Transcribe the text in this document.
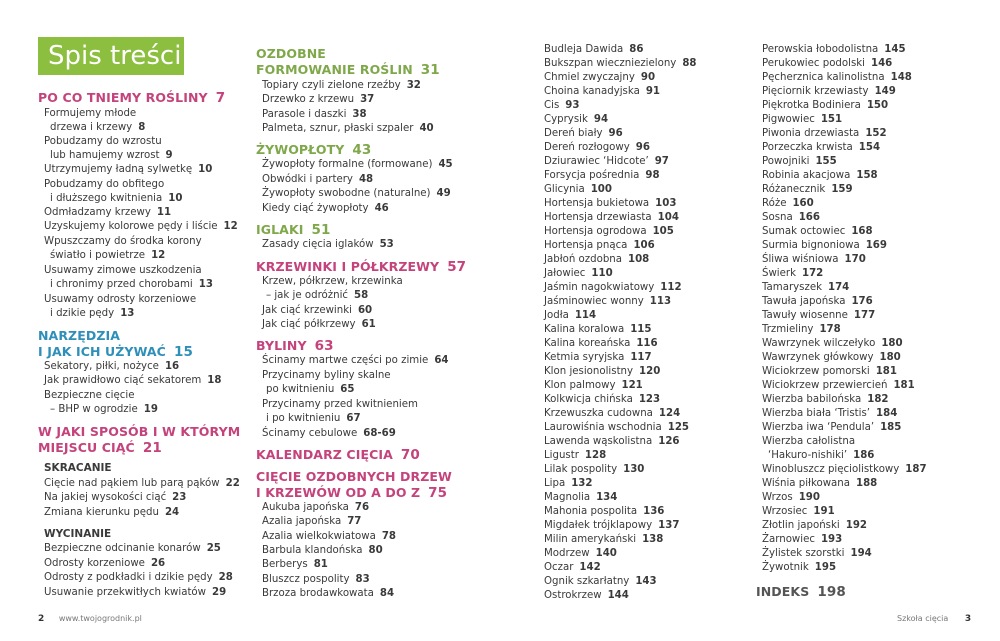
Spis treści
PO CO TNIEMY ROŚLINY 7
Formujemy młode
drzewa i krzewy 8
Pobudzamy do wzrostu
lub hamujemy wzrost 9
Utrzymujemy ładną sylwetkę 10
Pobudzamy do obfitego
i dłuższego kwitnienia 10
Odmładzamy krzewy 11
Uzyskujemy kolorowe pędy i liście 12
Wpuszczamy do środka korony
światło i powietrze 12
Usuwamy zimowe uszkodzenia
i chronimy przed chorobami 13
Usuwamy odrosty korzeniowe
i dzikie pędy 13
NARZĘDZIA
I JAK ICH UŻYWAĆ 15
Sekatory, piłki, nożyce 16
Jak prawidłowo ciąć sekatorem 18
Bezpieczne cięcie
– BHP w ogrodzie 19
W JAKI SPOSÓB I W KTÓRYM
MIEJSCU CIĄĆ 21
SKRACANIE
Cięcie nad pąkiem lub parą pąków 22
Na jakiej wysokości ciąć 23
Zmiana kierunku pędu 24
WYCINANIE
Bezpieczne odcinanie konarów 25
Odrosty korzeniowe 26
Odrosty z podkładki i dzikie pędy 28
Usuwanie przekwitłych kwiatów 29
OZDOBNE
FORMOWANIE ROŚLIN 31
Topiary czyli zielone rzeźby 32
Drzewko z krzewu 37
Parasole i daszki 38
Palmeta, sznur, płaski szpaler 40
ŻYWOPŁOTY 43
Żywopłoty formalne (formowane) 45
Obwódki i partery 48
Żywopłoty swobodne (naturalne) 49
Kiedy ciąć żywopłoty 46
IGLAKI 51
Zasady cięcia iglaków 53
KRZEWINKI I PÓŁKRZEWY 57
Krzew, półkrzew, krzewinka
– jak je odróżnić 58
Jak ciąć krzewinki 60
Jak ciąć półkrzewy 61
BYLINY 63
Ścinamy martwe części po zimie 64
Przycinamy byliny skalne
po kwitnieniu 65
Przycinamy przed kwitnieniem
i po kwitnieniu 67
Ścinamy cebulowe 68-69
KALENDARZ CIĘCIA 70
CIĘCIE OZDOBNYCH DRZEW
I KRZEWÓW OD A DO Z 75
Aukuba japońska 76
Azalia japońska 77
Azalia wielkokwiatowa 78
Barbula klandońska 80
Berberys 81
Bluszcz pospolity 83
Brzoza brodawkowata 84
Budleja Dawida 86
Bukszpan wieczniezielony 88
Chmiel zwyczajny 90
Choina kanadyjska 91
Cis 93
Cyprysik 94
Dereń biały 96
Dereń rozłogowy 96
Dziurawiec ‘Hidcote’ 97
Forsycja pośrednia 98
Glicynia 100
Hortensja bukietowa 103
Hortensja drzewiasta 104
Hortensja ogrodowa 105
Hortensja pnąca 106
Jabłoń ozdobna 108
Jałowiec 110
Jaśmin nagokwiatowy 112
Jaśminowiec wonny 113
Jodła 114
Kalina koralowa 115
Kalina koreańska 116
Ketmia syryjska 117
Klon jesionolistny 120
Klon palmowy 121
Kolkwicja chińska 123
Krzewuszka cudowna 124
Laurowiśnia wschodnia 125
Lawenda wąskolistna 126
Ligustr 128
Lilak pospolity 130
Lipa 132
Magnolia 134
Mahonia pospolita 136
Migdałek trójklapowy 137
Milin amerykański 138
Modrzew 140
Oczar 142
Ognik szkarłatny 143
Ostrokrzew 144
Perowskia łobodolistna 145
Perukowiec podolski 146
Pęcherznica kalinolistna 148
Pięciornik krzewiasty 149
Piękrotka Bodiniera 150
Pigwowiec 151
Piwonia drzewiasta 152
Porzeczka krwista 154
Powojniki 155
Robinia akacjowa 158
Różanecznik 159
Róże 160
Sosna 166
Sumak octowiec 168
Surmia bignoniowa 169
Śliwa wiśniowa 170
Świerk 172
Tamaryszek 174
Tawuła japońska 176
Tawuły wiosenne 177
Trzmieliny 178
Wawrzynek wilczełyko 180
Wawrzynek główkowy 180
Wiciokrzew pomorski 181
Wiciokrzew przewiercień 181
Wierzba babilońska 182
Wierzba biała ‘Tristis’ 184
Wierzba iwa ‘Pendula’ 185
Wierzba całolistna
‘Hakuro-nishiki’ 186
Winobluszcz pięciolistkowy 187
Wiśnia piłkowana 188
Wrzos 190
Wrzosiec 191
Złotlin japoński 192
Żarnowiec 193
Żylistek szorstki 194
Żywotnik 195
INDEKS 198
2 www.twojogrodnik.pl	Szkoła cięcia 3
